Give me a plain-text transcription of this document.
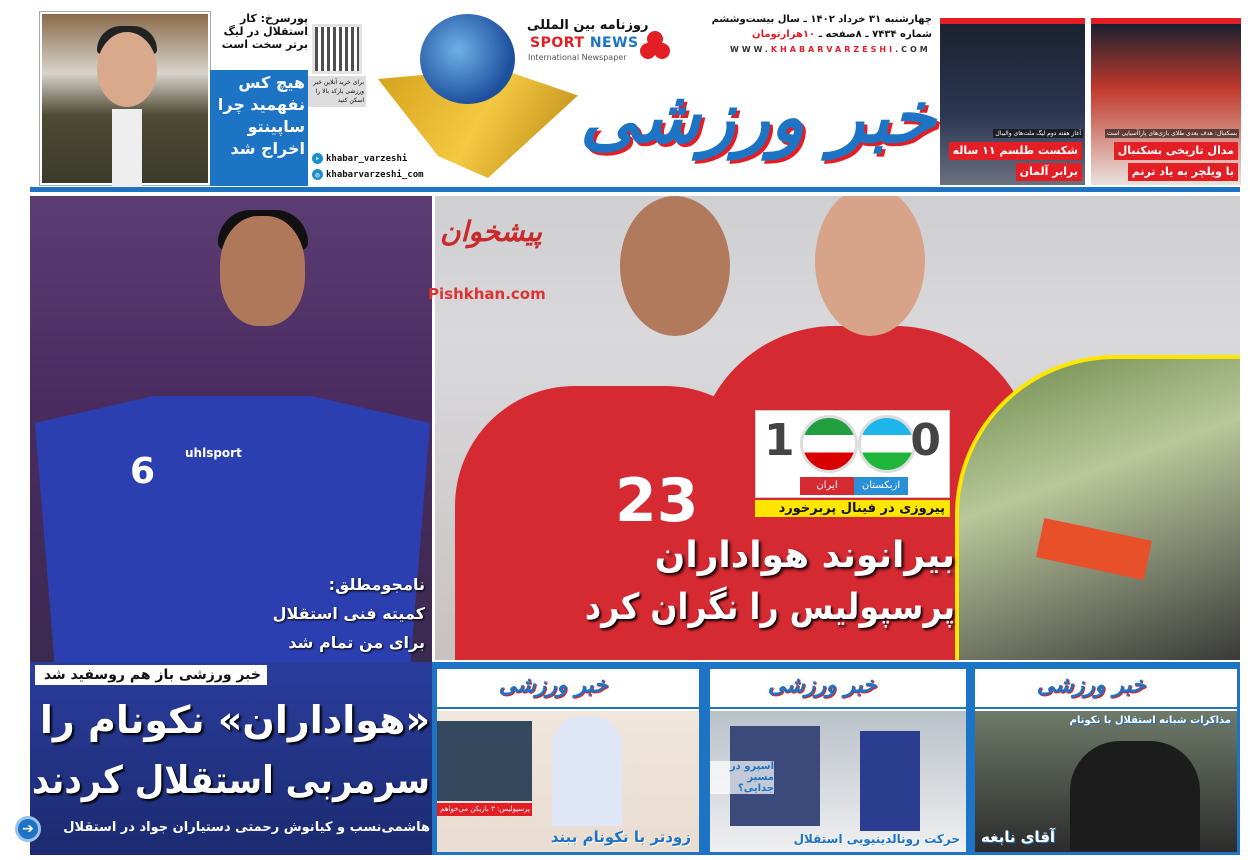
پورسرخ: کار استقلال در لیگ برتر سخت است
هیچ کس نفهمید چرا ساپینتو اخراج شد
برای خرید آنلاین خبر ورزشی بارکد بالا را اسکن کنید
➤ khabar_varzeshi
◎ khabarvarzeshi_com
روزنامه بین المللی
SPORT NEWS
International Newspaper
خبر ورزشی
چهارشنبه ۳۱ خرداد ۱۴۰۲ ـ سال بیست‌وششم
شماره ۷۴۳۴ ـ ۸صفحه ـ ۱۰هزارتومان
WWW.KHABARVARZESHI.COM
آغاز هفته دوم لیگ ملت‌های والیبال
شکست طلسم ۱۱ ساله
برابر آلمان
بسکتبال: هدف بعدی طلای بازی‌های پاراآسیایی است
مدال تاریخی بسکتبال
با ویلچر به یاد ترنم
6 uhlsport
نامجومطلق:
کمیته فنی استقلال
برای من تمام شد
خبر ورزشی باز هم روسفید شد
«هواداران» نکونام را
سرمربی استقلال کردند
➔	هاشمی‌نسب و کیانوش رحمتی دستیاران جواد در استقلال
23
پیشخوان
Pishkhan.com
1	0
ایران	ازبکستان
پیروزی در فینال پربرخورد
بیرانوند هواداران
پرسپولیس را نگران کرد
خبر ورزشی
پرسپولیس: ۳ بازیکن می‌خواهم
زودتر با نکونام ببند
خبر ورزشی
اسپرو در مسیر جدایی؟
حرکت رونالدینیویی استقلال
خبر ورزشی
آقای نابغه
مذاکرات شبانه استقلال با نکونام
